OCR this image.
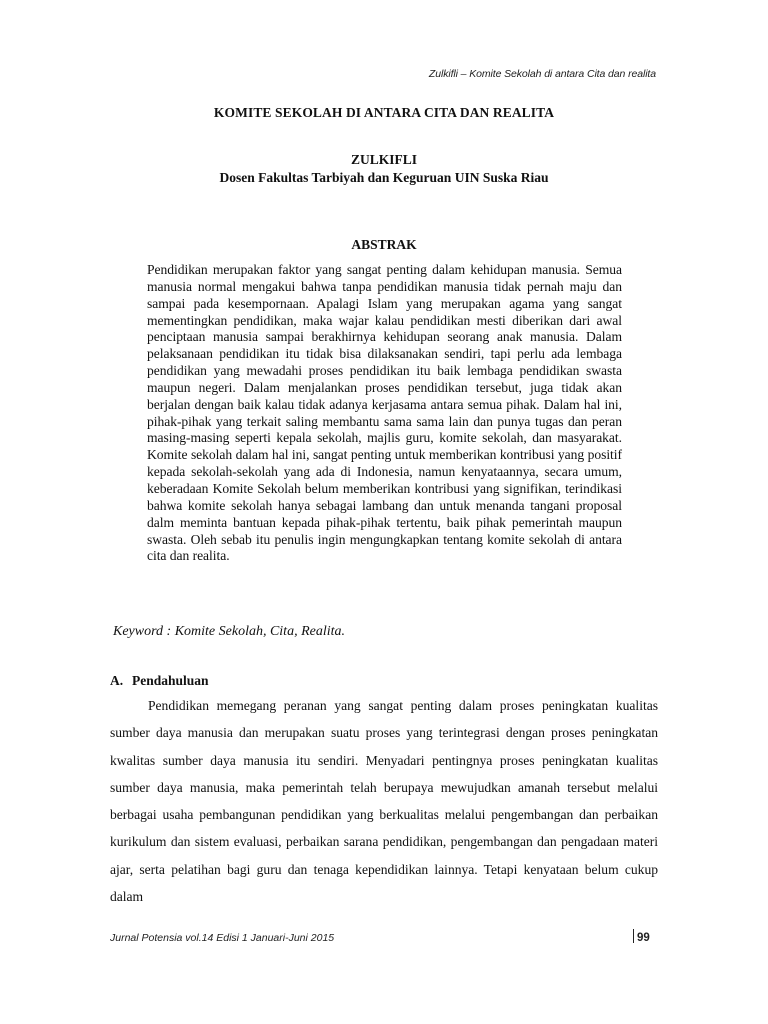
Zulkifli – Komite Sekolah di antara Cita dan realita
KOMITE SEKOLAH DI ANTARA CITA DAN REALITA
ZULKIFLI
Dosen Fakultas Tarbiyah dan Keguruan UIN Suska Riau
ABSTRAK
Pendidikan merupakan faktor yang sangat penting dalam kehidupan manusia. Semua manusia normal mengakui bahwa tanpa pendidikan manusia tidak pernah maju dan sampai pada kesempornaan. Apalagi Islam yang merupakan agama yang sangat mementingkan pendidikan, maka wajar kalau pendidikan mesti diberikan dari awal penciptaan manusia sampai berakhirnya kehidupan seorang anak manusia. Dalam pelaksanaan pendidikan itu tidak bisa dilaksanakan sendiri, tapi perlu ada lembaga pendidikan yang mewadahi proses pendidikan itu baik lembaga pendidikan swasta maupun negeri. Dalam menjalankan proses pendidikan tersebut, juga tidak akan berjalan dengan baik kalau tidak adanya kerjasama antara semua pihak. Dalam hal ini, pihak-pihak yang terkait saling membantu sama sama lain dan punya tugas dan peran masing-masing seperti kepala sekolah, majlis guru, komite sekolah, dan masyarakat. Komite sekolah dalam hal ini, sangat penting untuk memberikan kontribusi yang positif kepada sekolah-sekolah yang ada di Indonesia, namun kenyataannya, secara umum, keberadaan Komite Sekolah belum memberikan kontribusi yang signifikan, terindikasi bahwa komite sekolah hanya sebagai lambang dan untuk menanda tangani proposal dalm meminta bantuan kepada pihak-pihak tertentu, baik pihak pemerintah maupun swasta. Oleh sebab itu penulis ingin mengungkapkan tentang komite sekolah di antara cita dan realita.
Keyword : Komite Sekolah, Cita, Realita.
A. Pendahuluan
Pendidikan memegang peranan yang sangat penting dalam proses peningkatan kualitas sumber daya manusia dan merupakan suatu proses yang terintegrasi dengan proses peningkatan kwalitas sumber daya manusia itu sendiri. Menyadari pentingnya proses peningkatan kualitas sumber daya manusia, maka pemerintah telah berupaya mewujudkan amanah tersebut melalui berbagai usaha pembangunan pendidikan yang berkualitas melalui pengembangan dan perbaikan kurikulum dan sistem evaluasi, perbaikan sarana pendidikan, pengembangan dan pengadaan materi ajar, serta pelatihan bagi guru dan tenaga kependidikan lainnya. Tetapi kenyataan belum cukup dalam
Jurnal Potensia vol.14 Edisi 1 Januari-Juni 2015	99
